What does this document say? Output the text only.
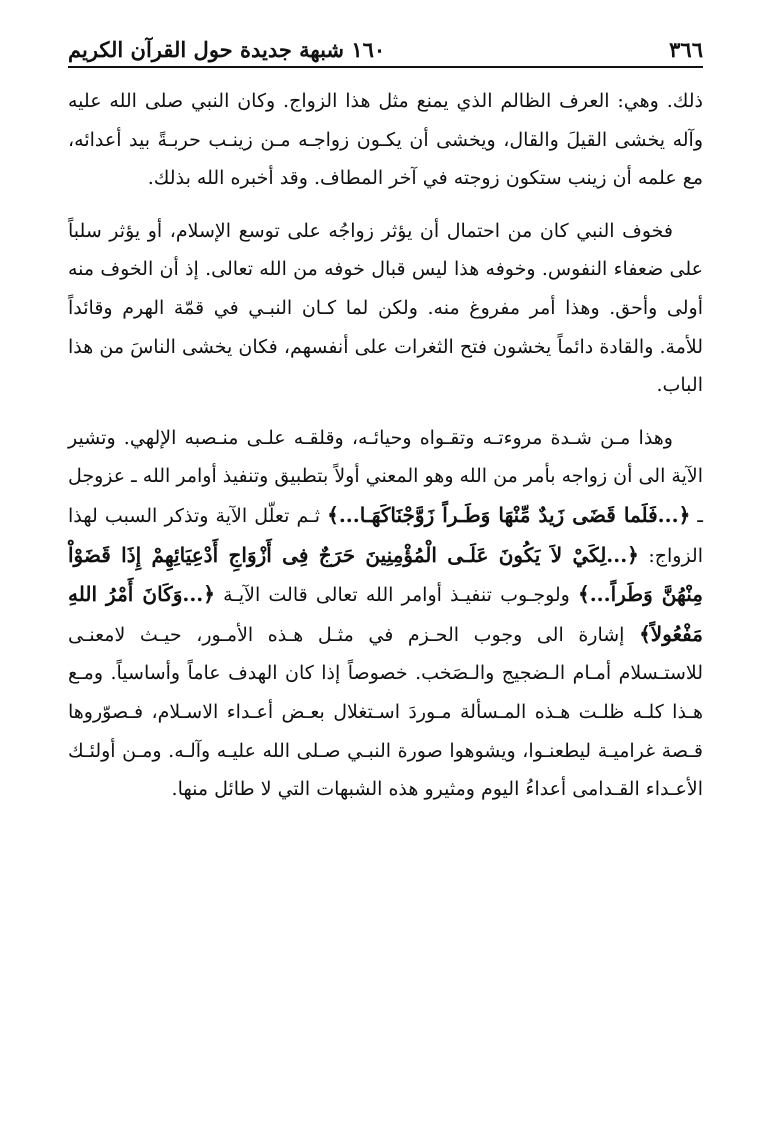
٣٦٦
١٦٠ شبهة جديدة حول القرآن الكريم

ذلك. وهي: العرف الظالم الذي يمنع مثل هذا الزواج. وكان النبي صلى الله عليه وآله يخشى القيلَ والقال، ويخشى أن يكـون زواجـه مـن زينـب حربـةً بيد أعدائه، مع علمه أن زينب ستكون زوجته في آخر المطاف. وقد أخبره الله بذلك.

فخوف النبي كان من احتمال أن يؤثر زواجُه على توسع الإسلام، أو يؤثر سلباً على ضعفاء النفوس. وخوفه هذا ليس قبال خوفه من الله تعالى. إذ أن الخوف منه أولى وأحق. وهذا أمر مفروغ منه. ولكن لما كـان النبـي في قمّة الهرم وقائداً للأمة. والقادة دائماً يخشون فتح الثغرات على أنفسهم، فكان يخشى الناسَ من هذا الباب.

وهذا مـن شـدة مروءتـه وتقـواه وحيائـه، وقلقـه علـى منـصبه الإلهي. وتشير الآية الى أن زواجه بأمر من الله وهو المعني أولاً بتطبيق وتنفيذ أوامر الله ـ عزوجل ـ ﴿...فَلَما قَضَى زَيدٌ مِّنْهَا وَطَـراً زَوَّجْنَاكَهَـا...﴾ ثـم تعلّل الآية وتذكر السبب لهذا الزواج: ﴿...لِكَيْ لاَ يَكُونَ عَلَـى الْمُؤْمِنِينَ حَرَجٌ فِى أَزْوَاجِ أَدْعِيَائِهِمْ إِذَا قَضَوْاْ مِنْهُنَّ وَطَراً...﴾ ولوجـوب تنفيـذ أوامر الله تعالى قالت الآيـة ﴿...وَكَانَ أَمْرُ اللهِ مَفْعُولاً﴾ إشارة الى وجوب الحـزم في مثـل هـذه الأمـور، حيـث لامعنـى للاستـسلام أمـام الـضجيج والـصَخب. خصوصاً إذا كان الهدف عاماً وأساسياً. ومـع هـذا كلـه ظلـت هـذه المـسألة مـوردَ اسـتغلال بعـض أعـداء الاسـلام، فـصوّروها قـصة غراميـة ليطعنـوا، ويشوهوا صورة النبـي صـلى الله عليـه وآلـه. ومـن أولئـك الأعـداء القـدامى أعداءُ اليوم ومثيرو هذه الشبهات التي لا طائل منها.
